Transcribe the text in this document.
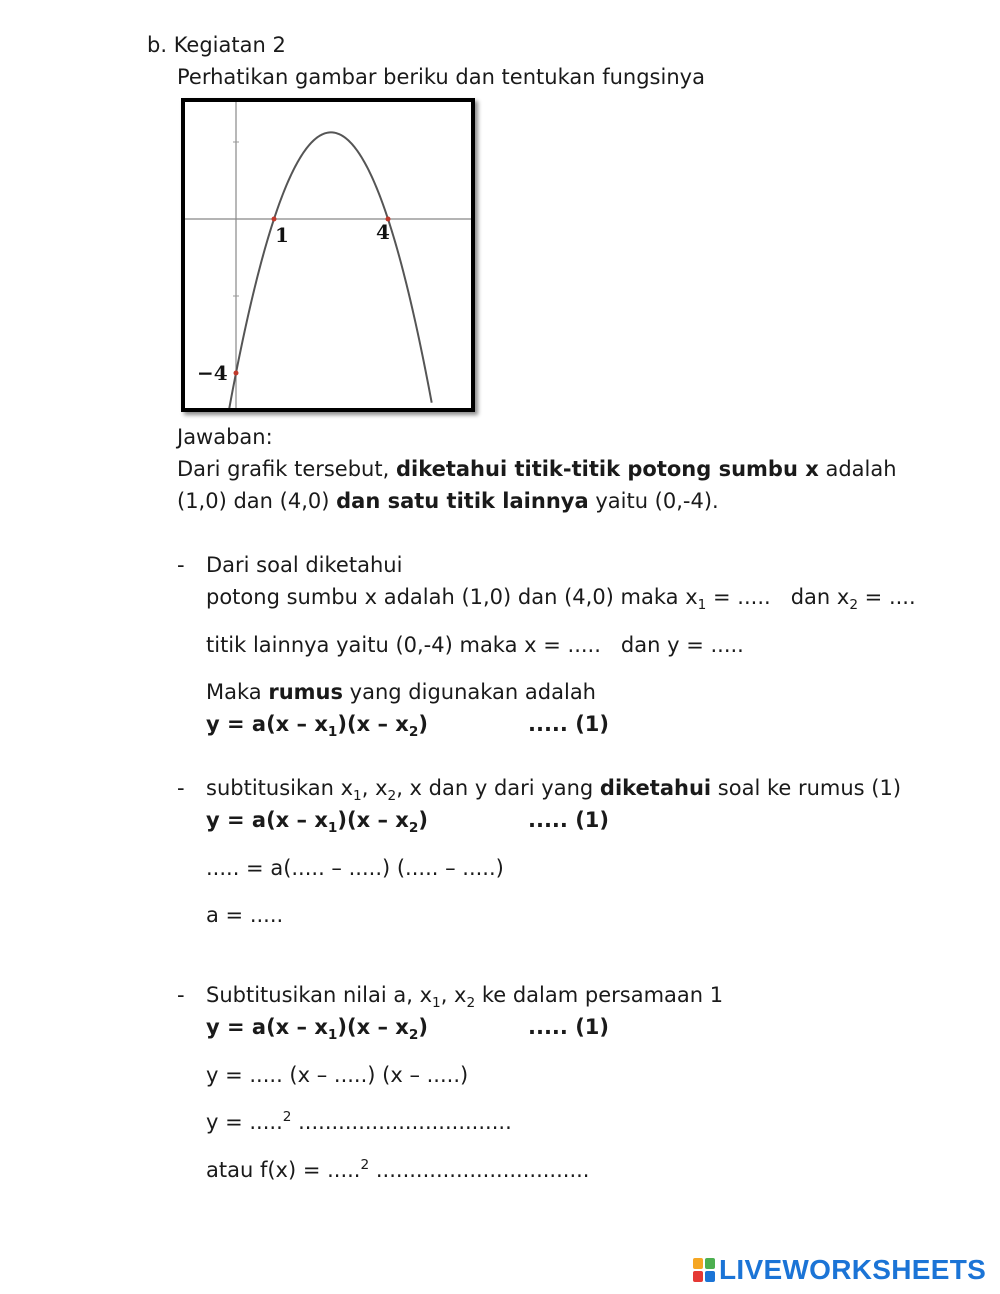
b. Kegiatan 2
Perhatikan gambar beriku dan tentukan fungsinya
1	4
−4
Jawaban:
Dari grafik tersebut, diketahui titik-titik potong sumbu x adalah
(1,0) dan (4,0) dan satu titik lainnya yaitu (0,-4).
- Dari soal diketahui
potong sumbu x adalah (1,0) dan (4,0) maka $x_1$ = .....   dan $x_2$ = ....
titik lainnya yaitu (0,-4) maka x = .....   dan y = .....
Maka rumus yang digunakan adalah
$y = a(x - x_1)(x - x_2)$	..... (1)
- subtitusikan $x_1$, $x_2$, x dan y dari yang diketahui soal ke rumus (1)
$y = a(x - x_1)(x - x_2)$	..... (1)
..... = a(..... – .....) (..... – .....)
a = .....
- Subtitusikan nilai a, $x_1$, $x_2$ ke dalam persamaan 1
$y = a(x - x_1)(x - x_2)$	..... (1)
y = ..... (x – .....) (x – .....)
y = .....$^2$ ................................
atau f(x) = .....$^2$ ................................
LIVEWORKSHEETS
